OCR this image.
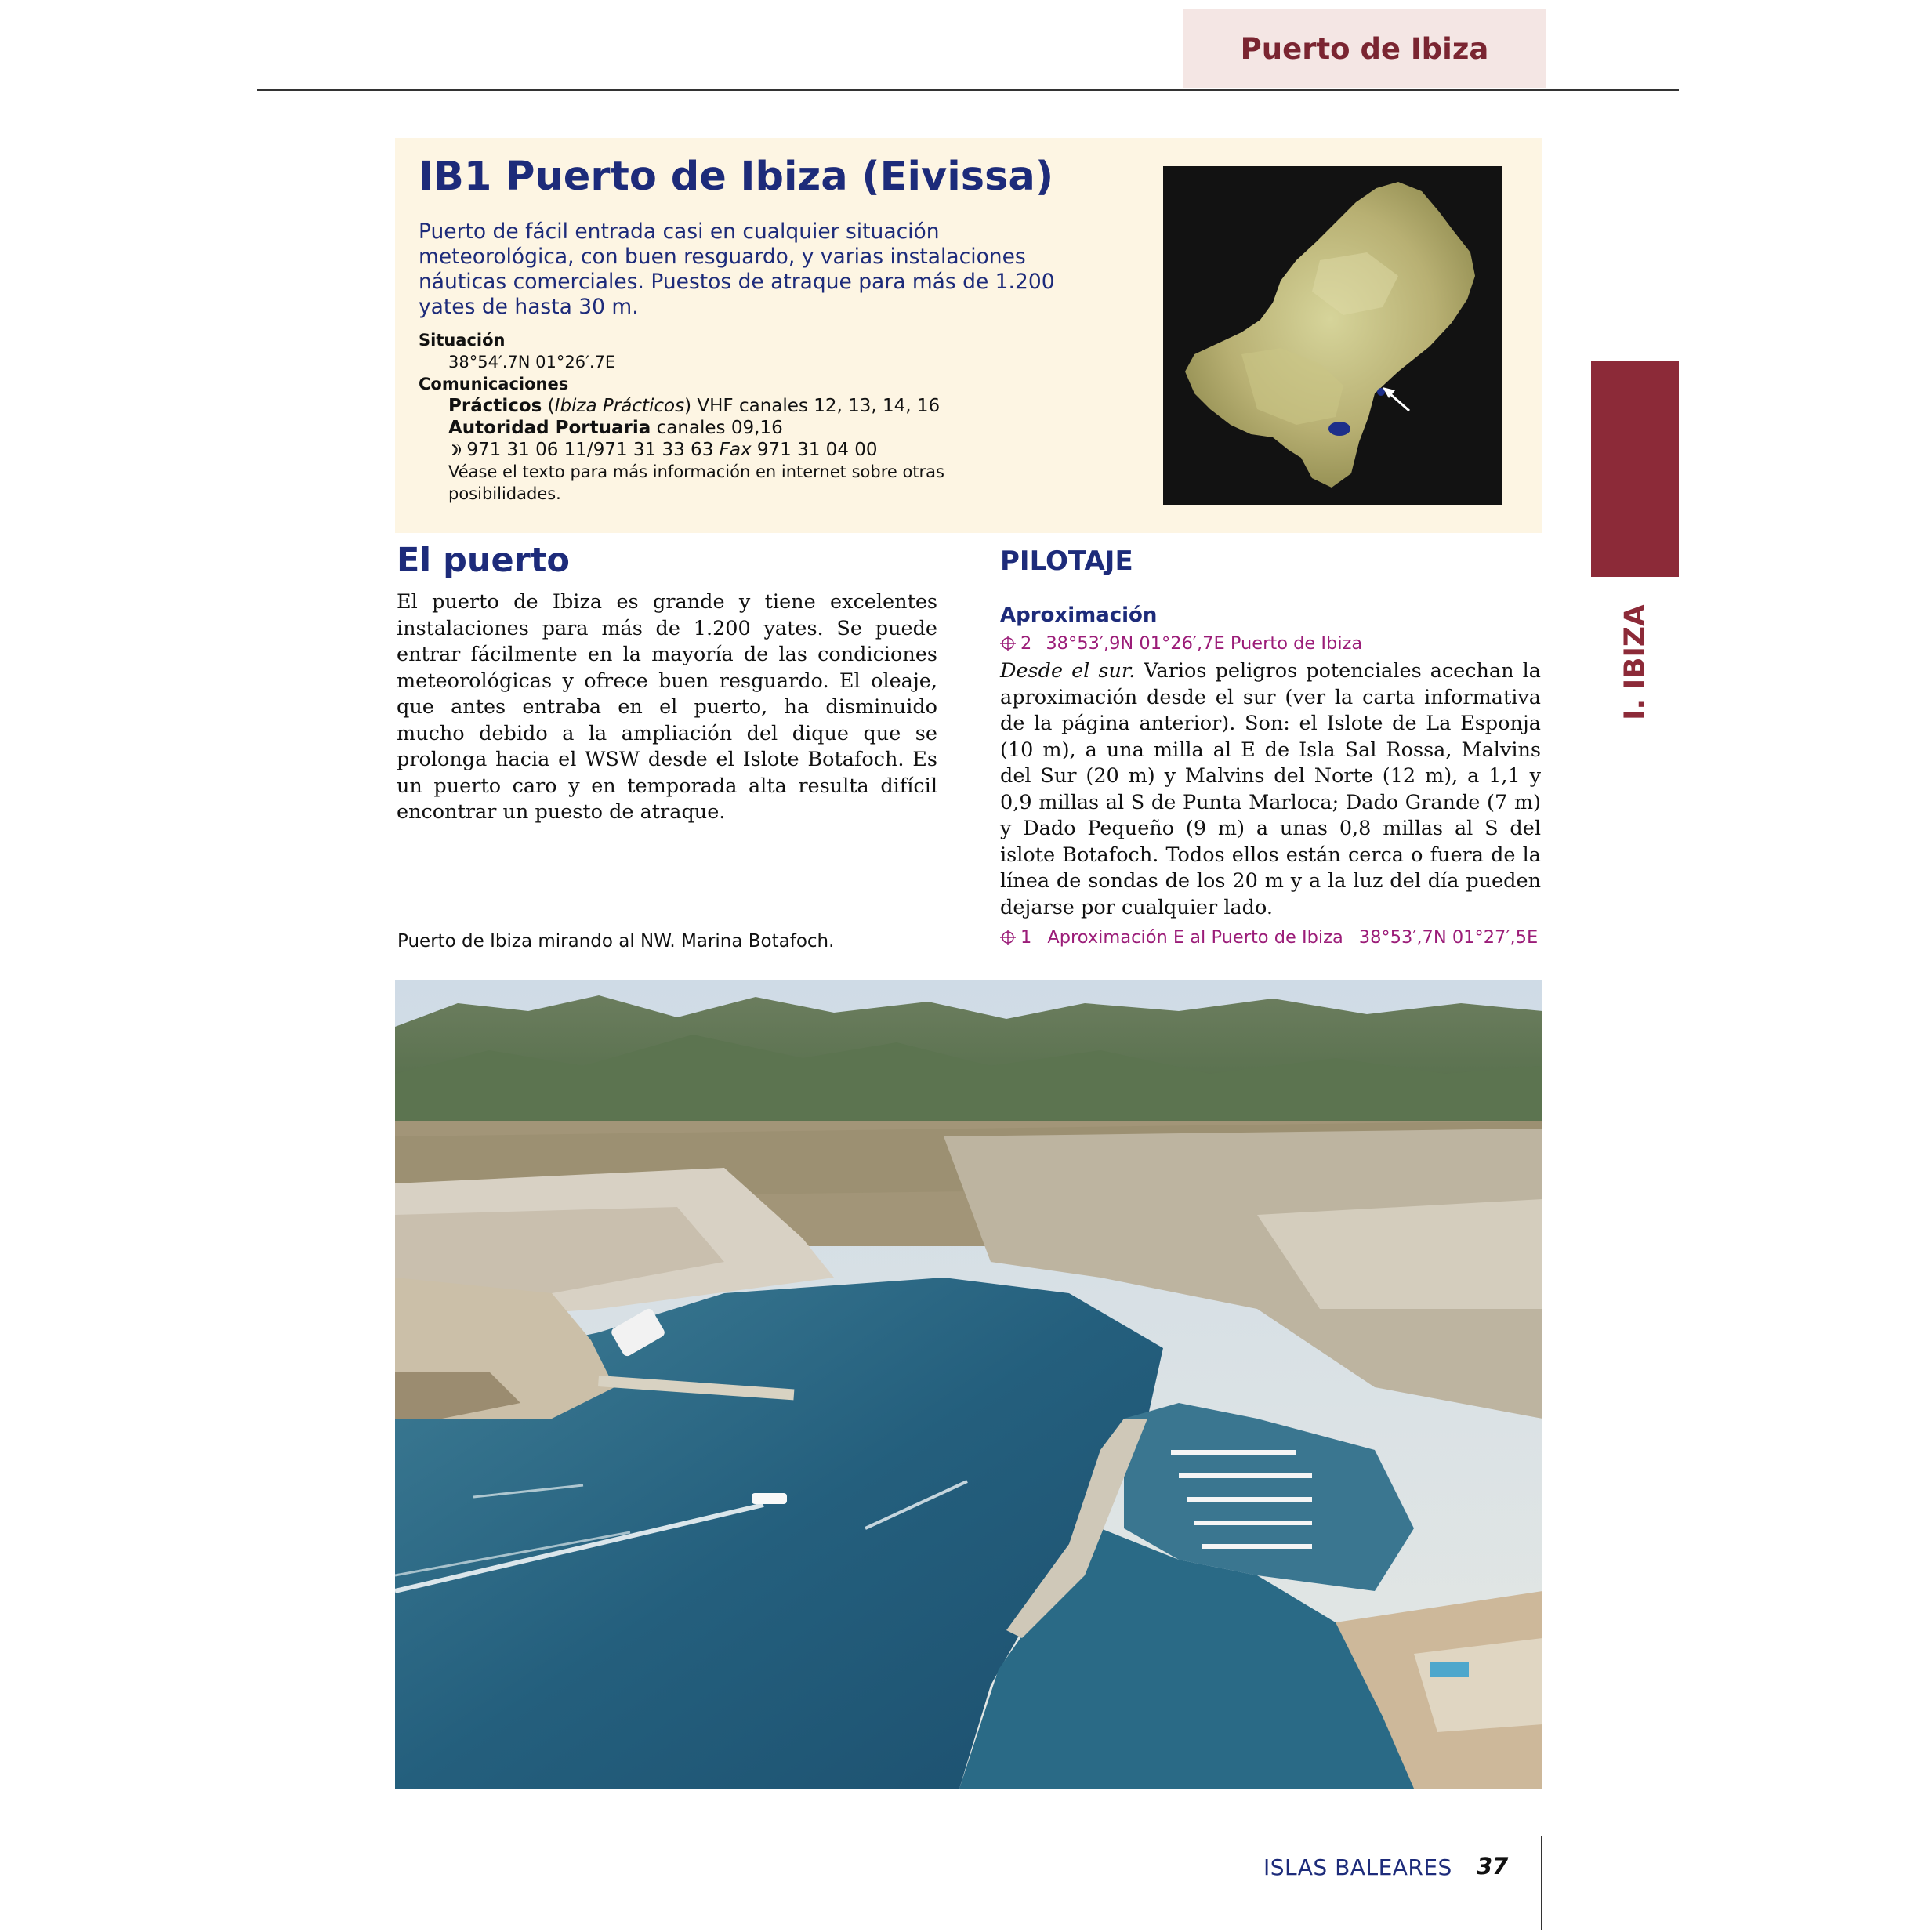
Puerto de Ibiza
I. IBIZA
IB1 Puerto de Ibiza (Eivissa)
Puerto de fácil entrada casi en cualquier situación meteorológica, con buen resguardo, y varias instalaciones náuticas comerciales. Puestos de atraque para más de 1.200 yates de hasta 30 m.
Situación
38°54′.7N 01°26′.7E
Comunicaciones
Prácticos (Ibiza Prácticos) VHF canales 12, 13, 14, 16
Autoridad Portuaria canales 09,16
971 31 06 11/971 31 33 63 Fax 971 31 04 00
Véase el texto para más información en internet sobre otras
posibilidades.
El puerto
El puerto de Ibiza es grande y tiene excelentes instalaciones para más de 1.200 yates. Se puede entrar fácilmente en la mayoría de las condiciones meteorológicas y ofrece buen resguardo. El oleaje, que antes entraba en el puerto, ha disminuido mucho debido a la ampliación del dique que se prolonga hacia el WSW desde el Islote Botafoch. Es un puerto caro y en temporada alta resulta difícil encontrar un puesto de atraque.
PILOTAJE
Aproximación
2 38°53′,9N 01°26′,7E Puerto de Ibiza
Desde el sur. Varios peligros potenciales acechan la aproximación desde el sur (ver la carta informativa de la página anterior). Son: el Islote de La Esponja (10 m), a una milla al E de Isla Sal Rossa, Malvins del Sur (20 m) y Malvins del Norte (12 m), a 1,1 y 0,9 millas al S de Punta Marloca; Dado Grande (7 m) y Dado Pequeño (9 m) a unas 0,8 millas al S del islote Botafoch. Todos ellos están cerca o fuera de la línea de sondas de los 20 m y a la luz del día pueden dejarse por cualquier lado.
1 Aproximación E al Puerto de Ibiza 38°53′,7N 01°27′,5E
Puerto de Ibiza mirando al NW. Marina Botafoch.
ISLAS BALEARES 37
